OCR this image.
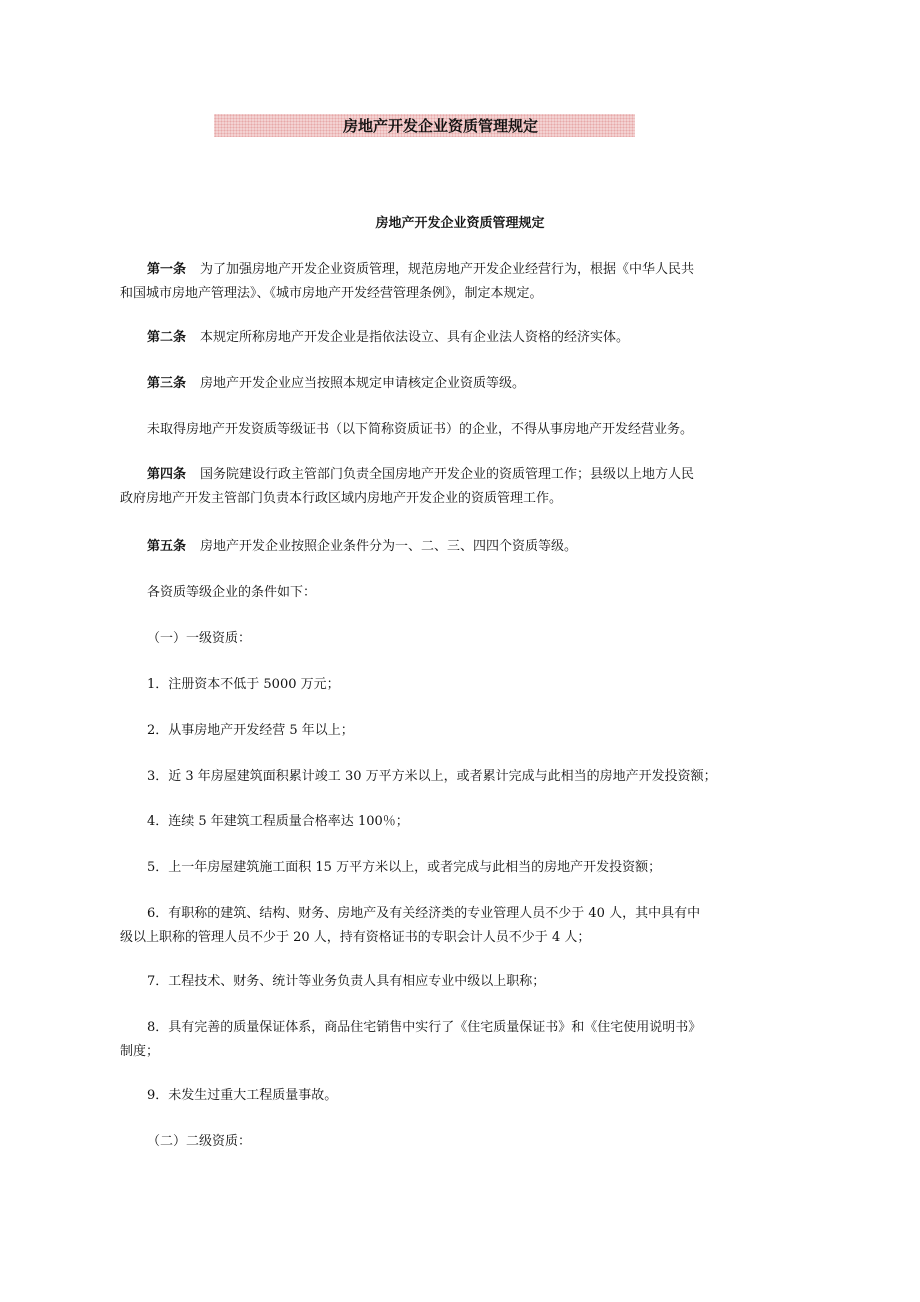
房地产开发企业资质管理规定
房地产开发企业资质管理规定
第一条 为了加强房地产开发企业资质管理，规范房地产开发企业经营行为，根据《中华人民共
和国城市房地产管理法》、《城市房地产开发经营管理条例》，制定本规定。
第二条 本规定所称房地产开发企业是指依法设立、具有企业法人资格的经济实体。
第三条 房地产开发企业应当按照本规定申请核定企业资质等级。
未取得房地产开发资质等级证书（以下简称资质证书）的企业，不得从事房地产开发经营业务。
第四条 国务院建设行政主管部门负责全国房地产开发企业的资质管理工作；县级以上地方人民
政府房地产开发主管部门负责本行政区域内房地产开发企业的资质管理工作。
第五条 房地产开发企业按照企业条件分为一、二、三、四四个资质等级。
各资质等级企业的条件如下：
（一）一级资质：
1．注册资本不低于 5000 万元；
2．从事房地产开发经营 5 年以上；
3．近 3 年房屋建筑面积累计竣工 30 万平方米以上，或者累计完成与此相当的房地产开发投资额；
4．连续 5 年建筑工程质量合格率达 100％；
5．上一年房屋建筑施工面积 15 万平方米以上，或者完成与此相当的房地产开发投资额；
6．有职称的建筑、结构、财务、房地产及有关经济类的专业管理人员不少于 40 人，其中具有中
级以上职称的管理人员不少于 20 人，持有资格证书的专职会计人员不少于 4 人；
7．工程技术、财务、统计等业务负责人具有相应专业中级以上职称；
8．具有完善的质量保证体系，商品住宅销售中实行了《住宅质量保证书》和《住宅使用说明书》
制度；
9．未发生过重大工程质量事故。
（二）二级资质：
